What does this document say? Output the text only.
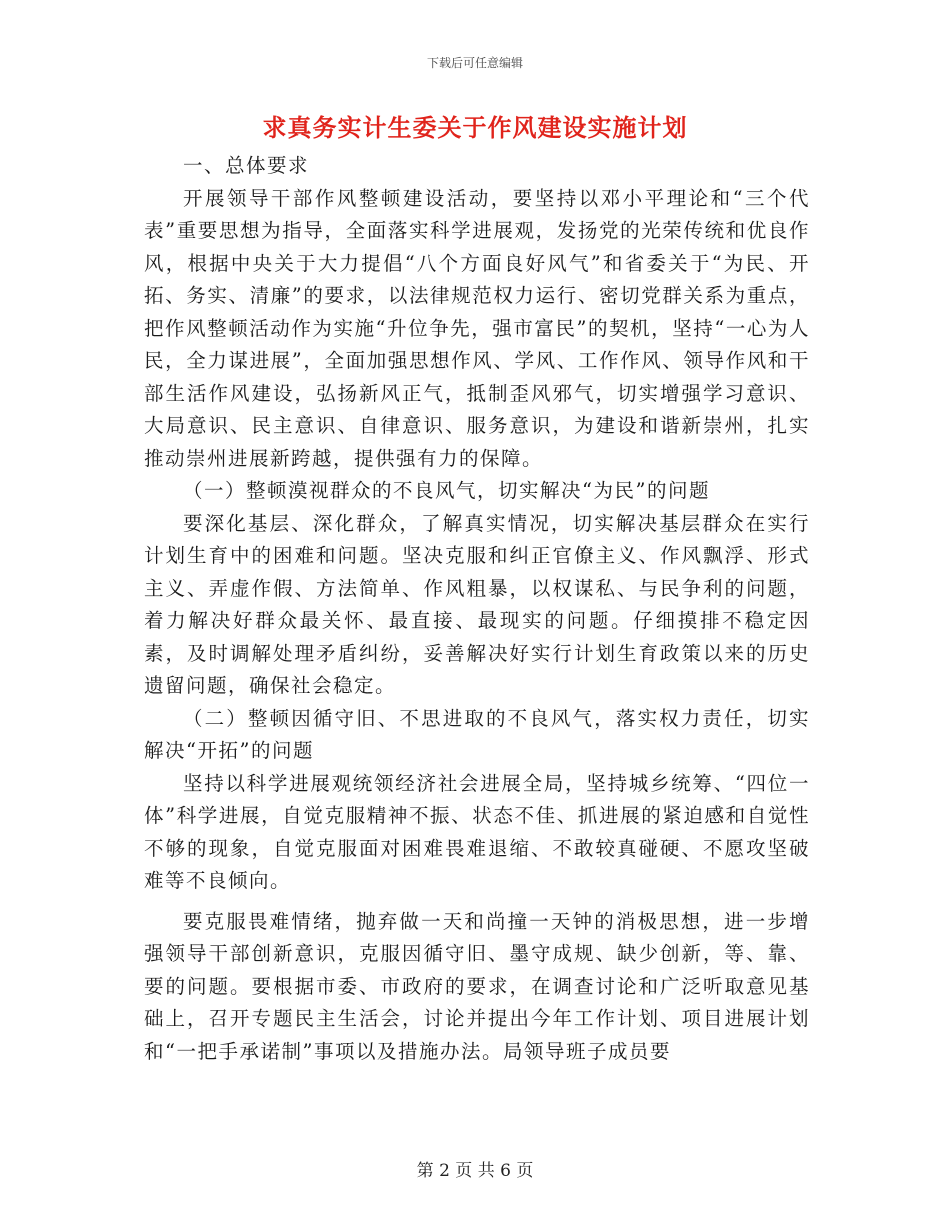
下载后可任意编辑
求真务实计生委关于作风建设实施计划

一、总体要求

开展领导干部作风整顿建设活动，要坚持以邓小平理论和“三个代表”重要思想为指导，全面落实科学进展观，发扬党的光荣传统和优良作风，根据中央关于大力提倡“八个方面良好风气”和省委关于“为民、开拓、务实、清廉”的要求，以法律规范权力运行、密切党群关系为重点，把作风整顿活动作为实施“升位争先，强市富民”的契机，坚持“一心为人民，全力谋进展”，全面加强思想作风、学风、工作作风、领导作风和干部生活作风建设，弘扬新风正气，抵制歪风邪气，切实增强学习意识、大局意识、民主意识、自律意识、服务意识，为建设和谐新崇州，扎实推动崇州进展新跨越，提供强有力的保障。

（一）整顿漠视群众的不良风气，切实解决“为民”的问题

要深化基层、深化群众，了解真实情况，切实解决基层群众在实行计划生育中的困难和问题。坚决克服和纠正官僚主义、作风飘浮、形式主义、弄虚作假、方法简单、作风粗暴，以权谋私、与民争利的问题，着力解决好群众最关怀、最直接、最现实的问题。仔细摸排不稳定因素，及时调解处理矛盾纠纷，妥善解决好实行计划生育政策以来的历史遗留问题，确保社会稳定。

（二）整顿因循守旧、不思进取的不良风气，落实权力责任，切实解决“开拓”的问题

坚持以科学进展观统领经济社会进展全局，坚持城乡统筹、“四位一体”科学进展，自觉克服精神不振、状态不佳、抓进展的紧迫感和自觉性不够的现象，自觉克服面对困难畏难退缩、不敢较真碰硬、不愿攻坚破难等不良倾向。

要克服畏难情绪，抛弃做一天和尚撞一天钟的消极思想，进一步增强领导干部创新意识，克服因循守旧、墨守成规、缺少创新，等、靠、要的问题。要根据市委、市政府的要求，在调查讨论和广泛听取意见基础上，召开专题民主生活会，讨论并提出今年工作计划、项目进展计划和“一把手承诺制”事项以及措施办法。局领导班子成员要

第 2 页 共 6 页
